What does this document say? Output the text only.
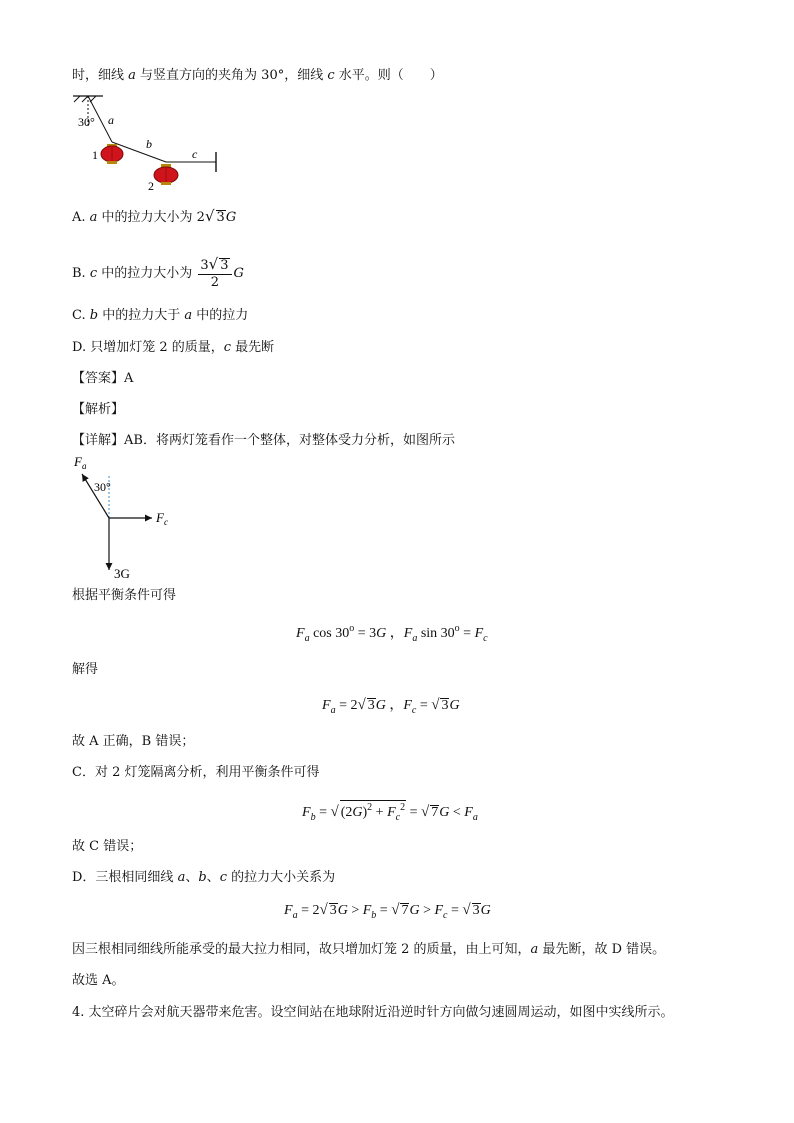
时，细线 a 与竖直方向的夹角为 30°，细线 c 水平。则（　　）
30° a
b
c
1
2
A. a 中的拉力大小为 2√ 3G
B. c 中的拉力大小为 $\frac{3√ 3}{2}$ G
C. b 中的拉力大于 a 中的拉力
D. 只增加灯笼 2 的质量，c 最先断
【答案】A
【解析】
【详解】AB．将两灯笼看作一个整体，对整体受力分析，如图所示
F a
30°
F c
3G
根据平衡条件可得
$F_a$ $\cos 30^o = 3G$ ，$F_a$ $\sin 30^o = F_c$
解得
$F_a = 2√$ 3G ，$F_c$ = √ 3G
故 A 正确，B 错误；
C．对 2 灯笼隔离分析，利用平衡条件可得
$F_b$ = √ $(2G)^2 + F_c^2$ = √ $7G < F_a$
故 C 错误；
D．三根相同细线 a、b、c 的拉力大小关系为
$F_a = 2√$ $3G > F_b$ = √ $7G > F_c$ = √ 3G
因三根相同细线所能承受的最大拉力相同，故只增加灯笼 2 的质量，由上可知，a 最先断，故 D 错误。
故选 A。
4. 太空碎片会对航天器带来危害。设空间站在地球附近沿逆时针方向做匀速圆周运动，如图中实线所示。
